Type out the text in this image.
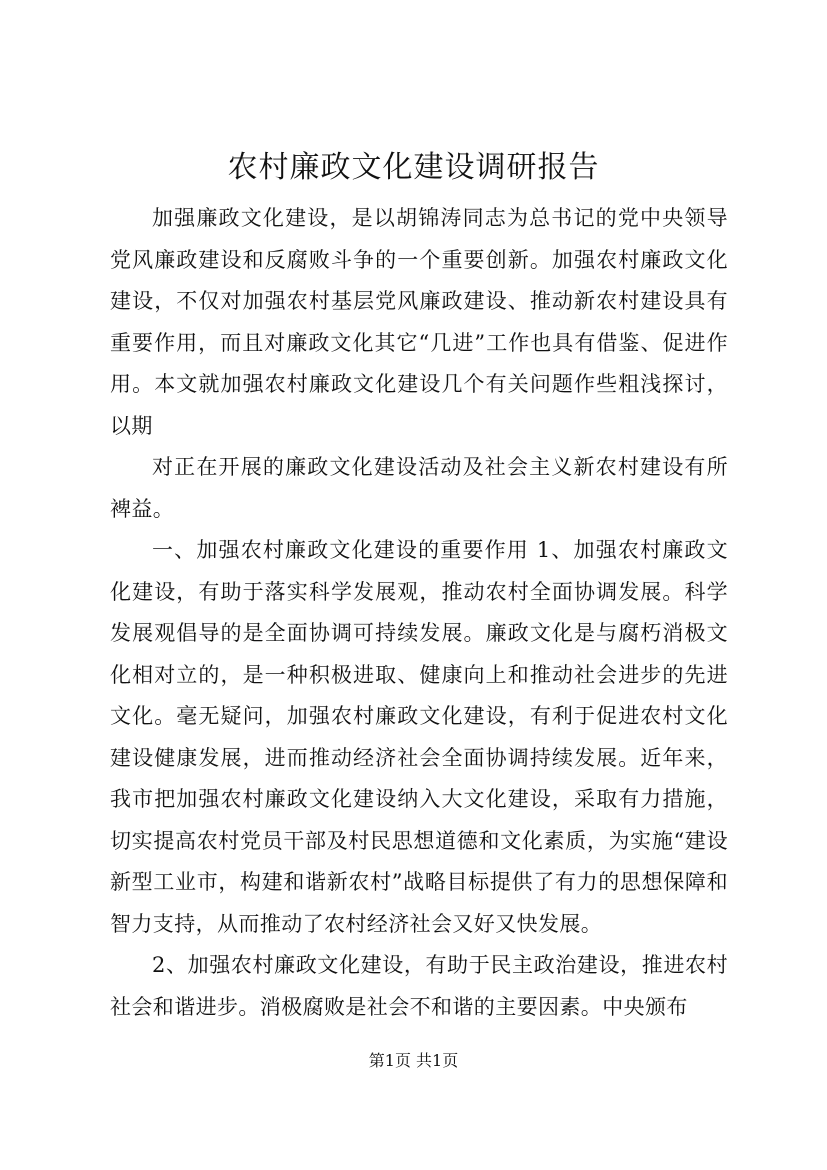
农村廉政文化建设调研报告

加强廉政文化建设，是以胡锦涛同志为总书记的党中央领导党风廉政建设和反腐败斗争的一个重要创新。加强农村廉政文化建设，不仅对加强农村基层党风廉政建设、推动新农村建设具有重要作用，而且对廉政文化其它“几进”工作也具有借鉴、促进作用。本文就加强农村廉政文化建设几个有关问题作些粗浅探讨，以期

对正在开展的廉政文化建设活动及社会主义新农村建设有所裨益。

一、加强农村廉政文化建设的重要作用 1、加强农村廉政文化建设，有助于落实科学发展观，推动农村全面协调发展。科学发展观倡导的是全面协调可持续发展。廉政文化是与腐朽消极文化相对立的，是一种积极进取、健康向上和推动社会进步的先进文化。毫无疑问，加强农村廉政文化建设，有利于促进农村文化建设健康发展，进而推动经济社会全面协调持续发展。近年来，我市把加强农村廉政文化建设纳入大文化建设，采取有力措施，切实提高农村党员干部及村民思想道德和文化素质，为实施“建设新型工业市，构建和谐新农村”战略目标提供了有力的思想保障和智力支持，从而推动了农村经济社会又好又快发展。

2、加强农村廉政文化建设，有助于民主政治建设，推进农村社会和谐进步。消极腐败是社会不和谐的主要因素。中央颁布

第1页 共1页
